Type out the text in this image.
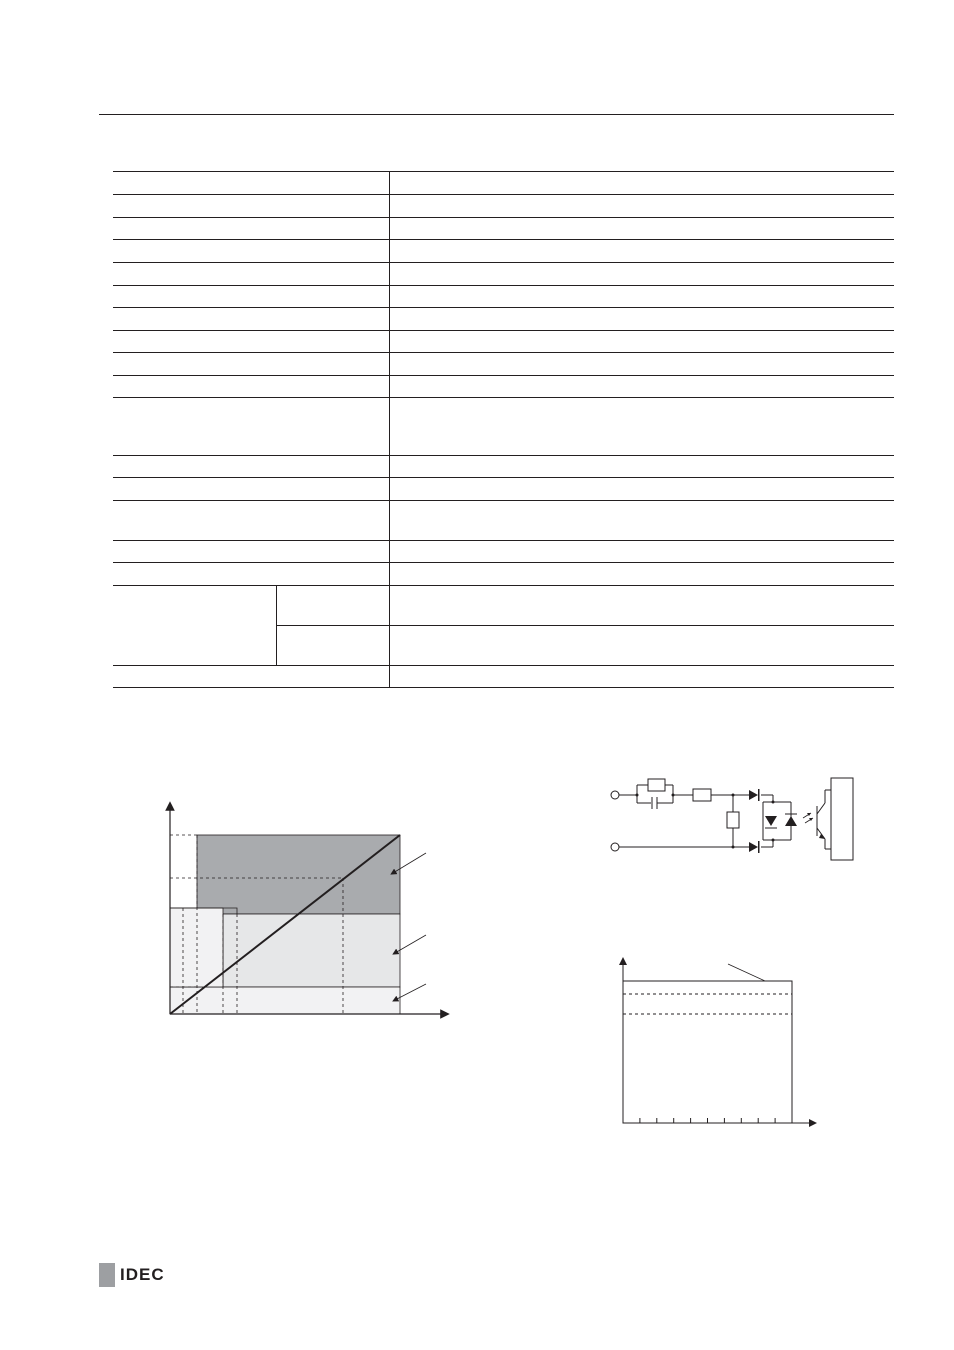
IDEC
